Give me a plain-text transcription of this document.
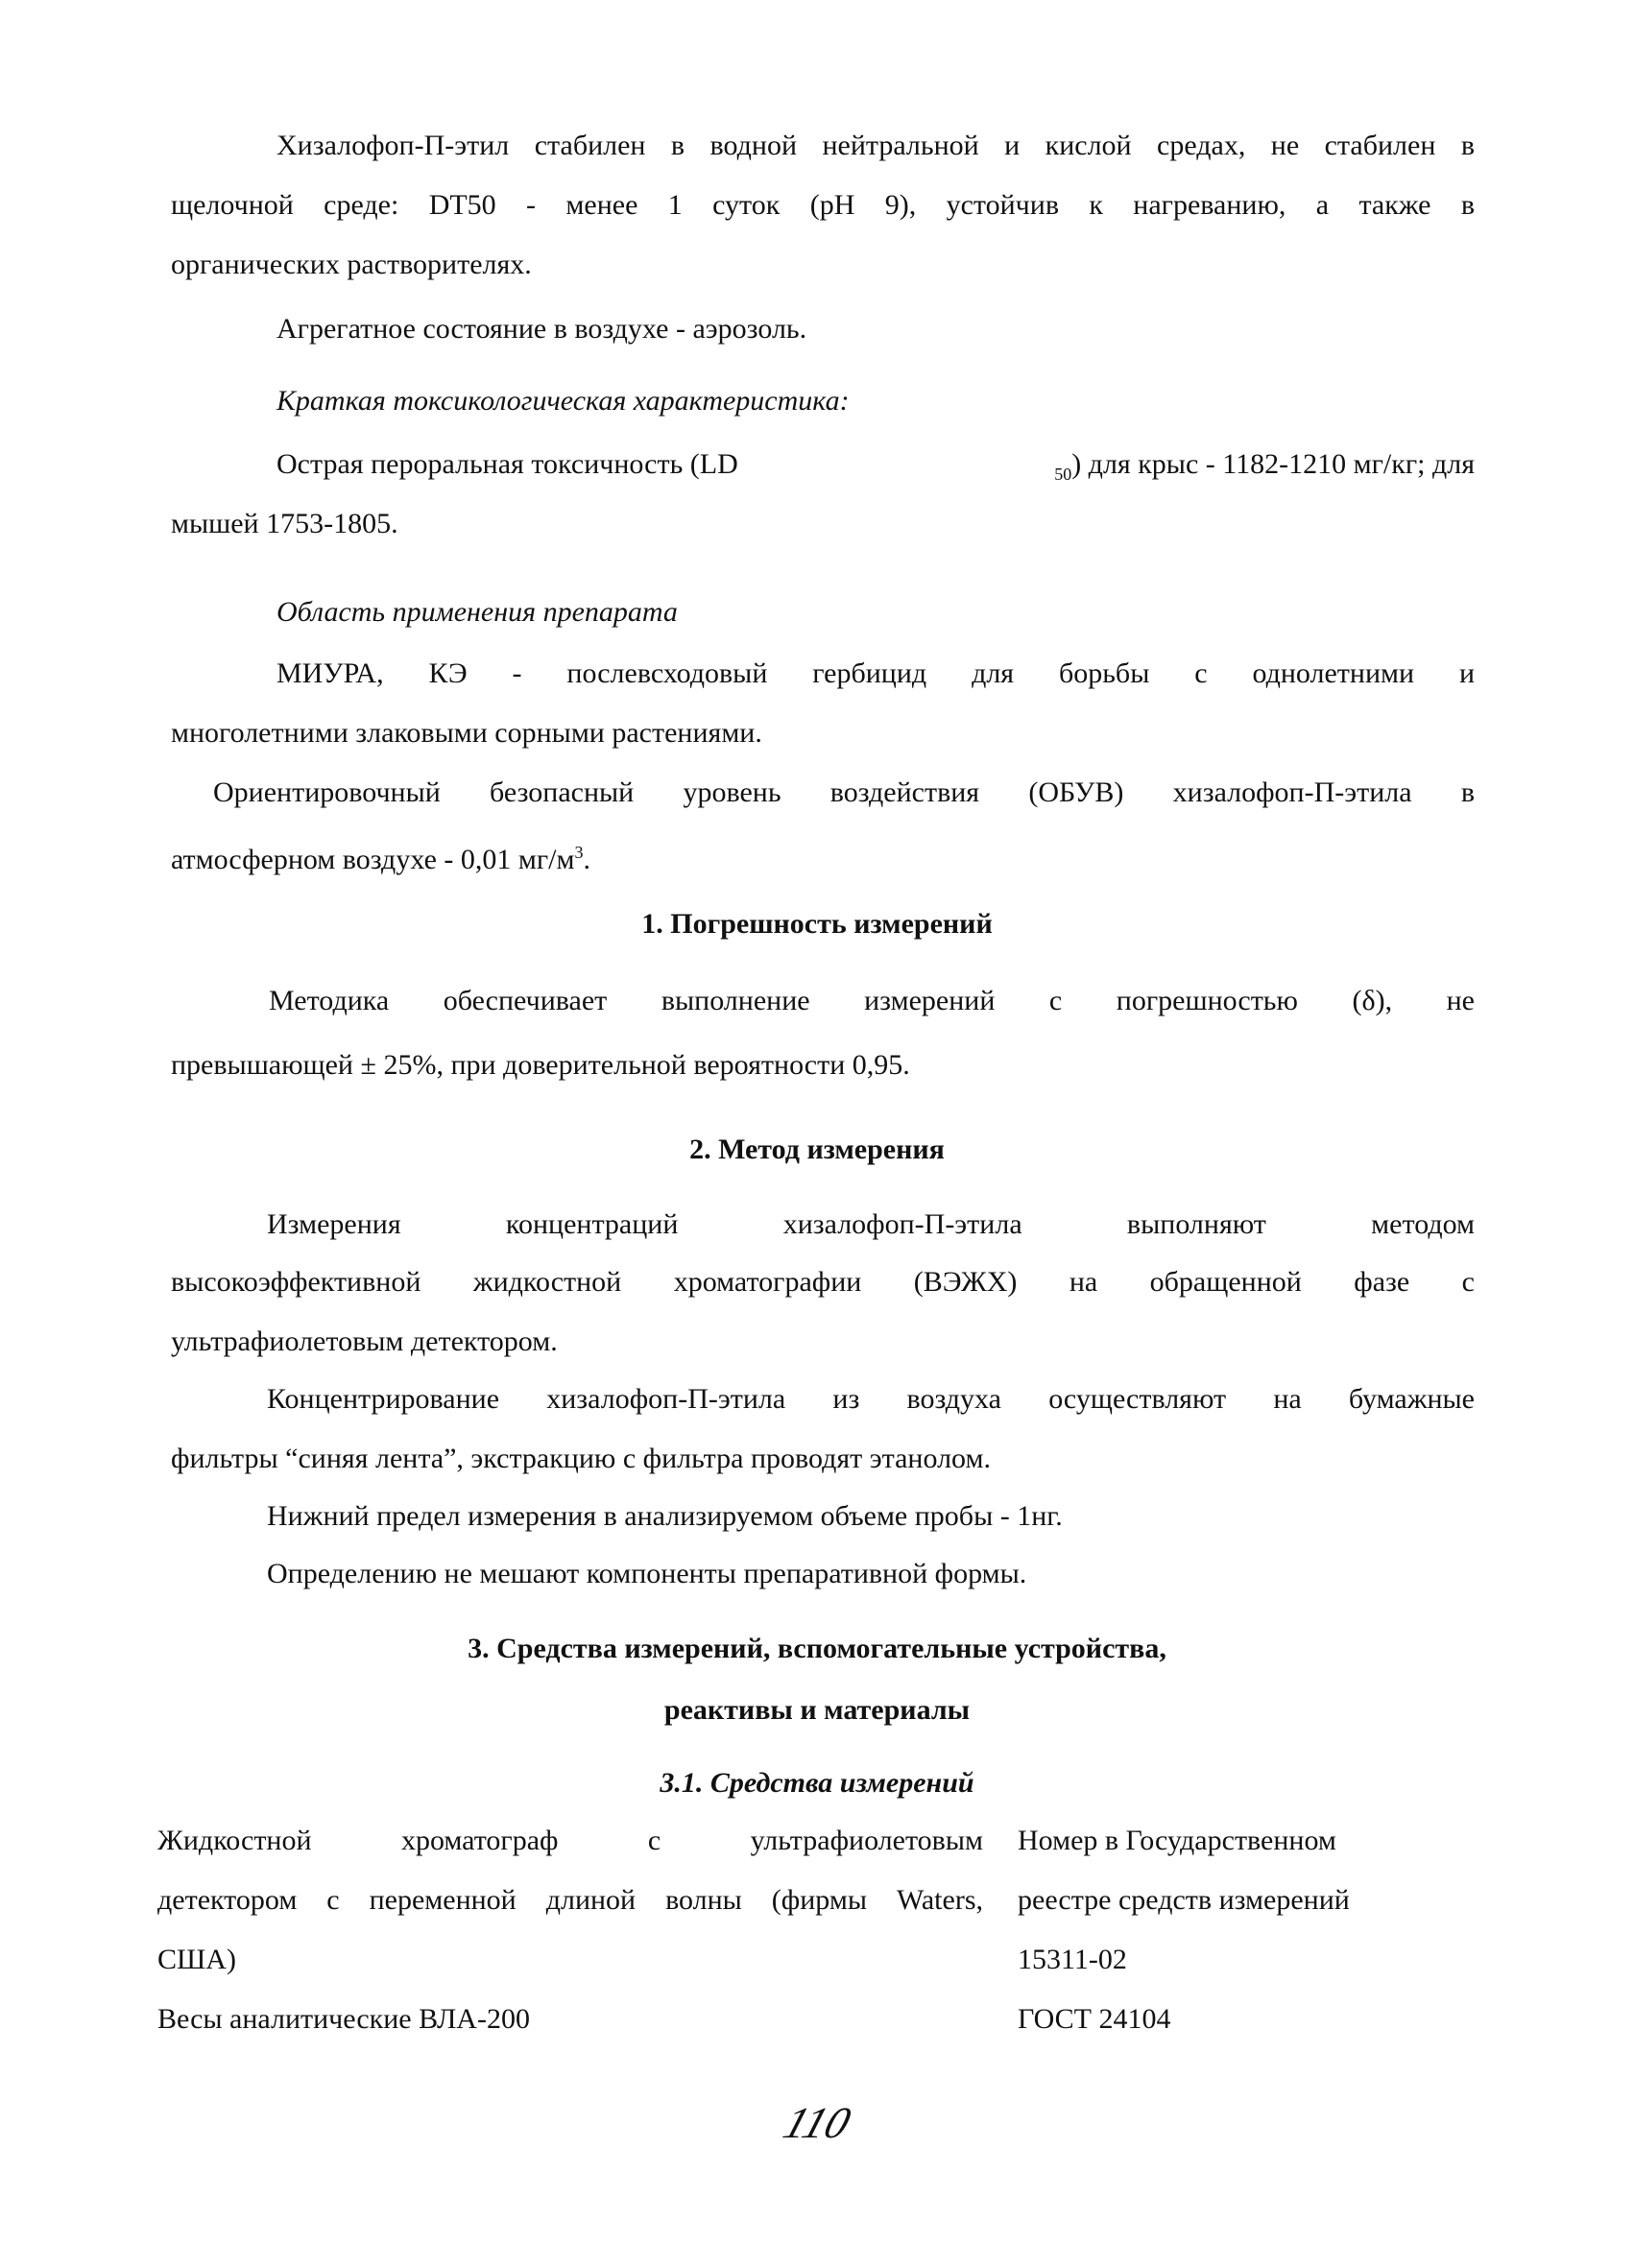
Хизалофоп-П-этил стабилен в водной нейтральной и кислой средах, не стабилен в
щелочной среде: DT50 - менее 1 суток (рН 9), устойчив к нагреванию, а также в
органических растворителях.
Агрегатное состояние в воздухе - аэрозоль.
Краткая токсикологическая характеристика:
Острая пероральная токсичность (LD	$_{50}$) для крыс - 1182-1210 мг/кг; для
мышей 1753-1805.
Область применения препарата
МИУРА, КЭ - послевсходовый гербицид для борьбы с однолетними и
многолетними злаковыми сорными растениями.
Ориентировочный безопасный уровень воздействия (ОБУВ) хизалофоп-П-этила в
атмосферном воздухе - 0,01 $мг/м^3$.
1. Погрешность измерений
Методика обеспечивает выполнение измерений с погрешностью (δ), не
превышающей ± 25%, при доверительной вероятности 0,95.
2. Метод измерения
Измерения концентраций хизалофоп-П-этила выполняют методом
высокоэффективной жидкостной хроматографии (ВЭЖХ) на обращенной фазе с
ультрафиолетовым детектором.
Концентрирование хизалофоп-П-этила из воздуха осуществляют на бумажные
фильтры “синяя лента”, экстракцию с фильтра проводят этанолом.
Нижний предел измерения в анализируемом объеме пробы - 1нг.
Определению не мешают компоненты препаративной формы.
3. Средства измерений, вспомогательные устройства,
реактивы и материалы
3.1. Средства измерений
Жидкостной хроматограф с ультрафиолетовым
детектором с переменной длиной волны (фирмы Waters,
США)
Номер в Государственном
реестре средств измерений
15311-02
Весы аналитические ВЛА-200	ГОСТ 24104
110
